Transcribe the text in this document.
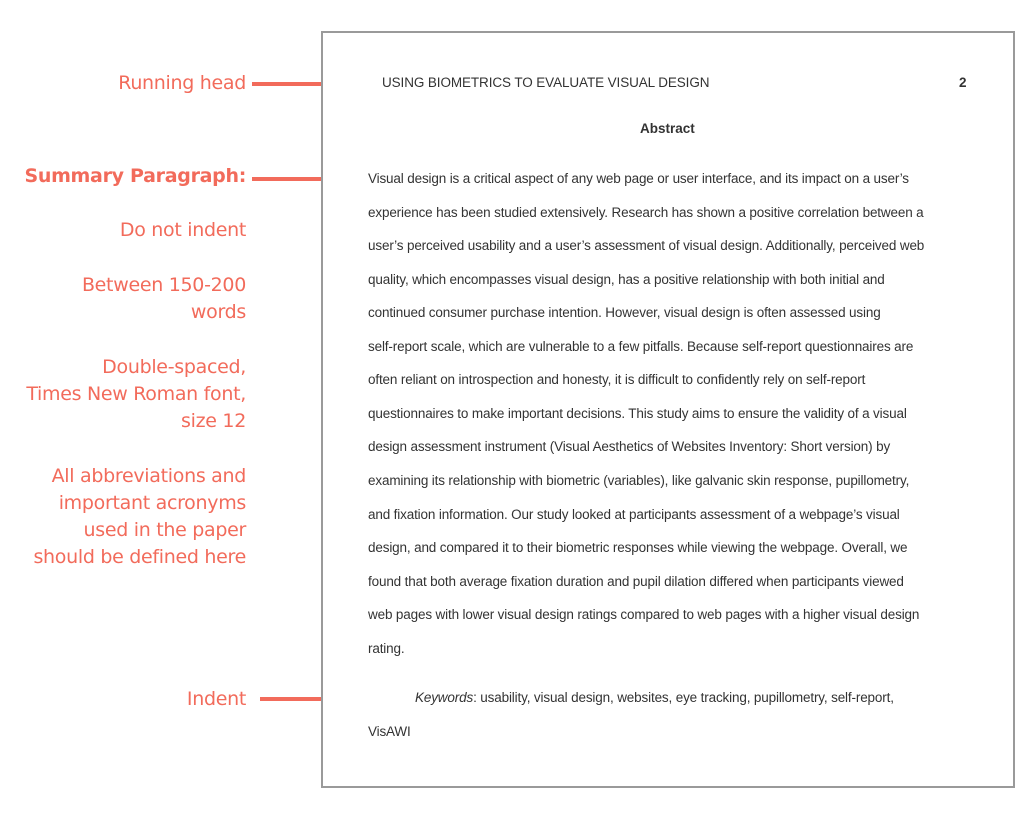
Running head
Summary Paragraph:
Do not indent
Between 150-200
words
Double-spaced,
Times New Roman font,
size 12
All abbreviations and
important acronyms
used in the paper
should be defined here
Indent
USING BIOMETRICS TO EVALUATE VISUAL DESIGN	2
Abstract
Visual design is a critical aspect of any web page or user interface, and its impact on a user’s
experience has been studied extensively. Research has shown a positive correlation between a
user’s perceived usability and a user’s assessment of visual design. Additionally, perceived web
quality, which encompasses visual design, has a positive relationship with both initial and
continued consumer purchase intention. However, visual design is often assessed using
self-report scale, which are vulnerable to a few pitfalls. Because self-report questionnaires are
often reliant on introspection and honesty, it is difficult to confidently rely on self-report
questionnaires to make important decisions. This study aims to ensure the validity of a visual
design assessment instrument (Visual Aesthetics of Websites Inventory: Short version) by
examining its relationship with biometric (variables), like galvanic skin response, pupillometry,
and fixation information. Our study looked at participants assessment of a webpage’s visual
design, and compared it to their biometric responses while viewing the webpage. Overall, we
found that both average fixation duration and pupil dilation differed when participants viewed
web pages with lower visual design ratings compared to web pages with a higher visual design
rating.
Keywords: usability, visual design, websites, eye tracking, pupillometry, self-report,
VisAWI
